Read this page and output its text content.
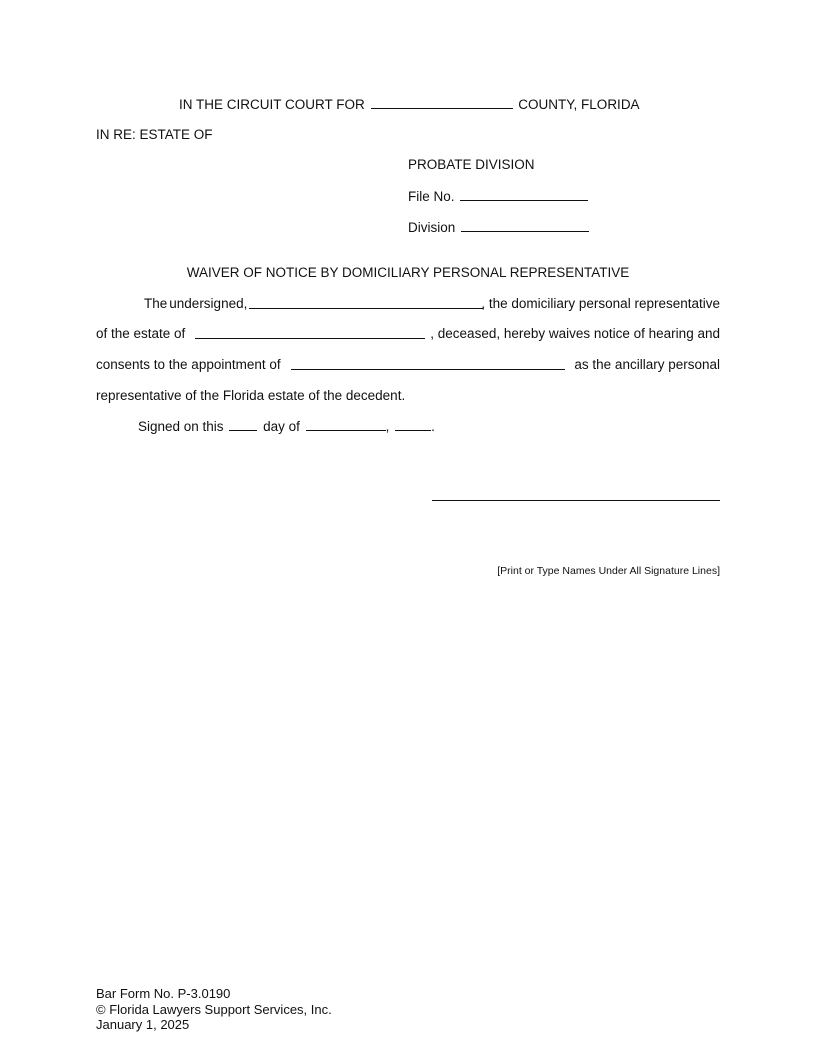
IN THE CIRCUIT COURT FOR	COUNTY, FLORIDA
IN RE: ESTATE OF
PROBATE DIVISION
File No.
Division
WAIVER OF NOTICE BY DOMICILIARY PERSONAL REPRESENTATIVE
The undersigned,	, the domiciliary personal representative
of the estate of	, deceased, hereby waives notice of hearing and
consents to the appointment of	as the ancillary personal
representative of the Florida estate of the decedent.
Signed on this	day of	,	.
[Print or Type Names Under All Signature Lines]
Bar Form No. P-3.0190
© Florida Lawyers Support Services, Inc.
January 1, 2025
